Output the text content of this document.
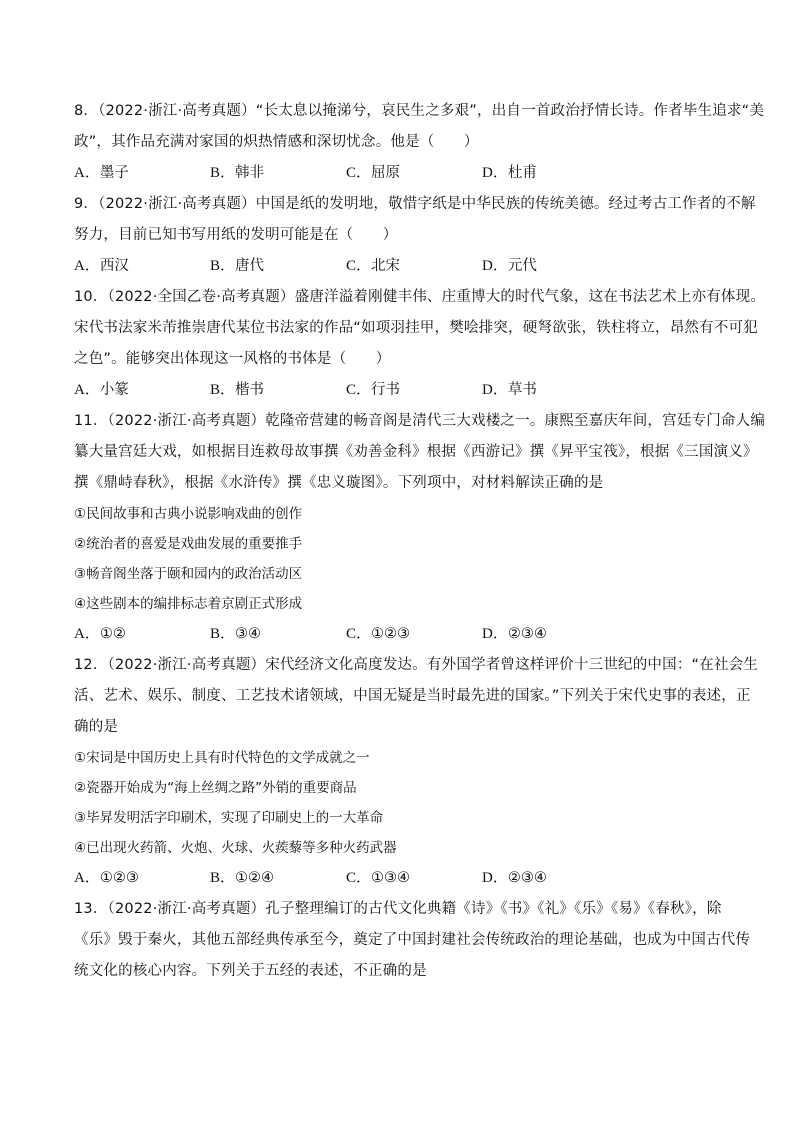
8．（2022·浙江·高考真题）“长太息以掩涕兮，哀民生之多艰”，出自一首政治抒情长诗。作者毕生追求“美
政”，其作品充满对家国的炽热情感和深切忧念。他是（　　）

A．墨子	B．韩非	C．屈原	D．杜甫

9．（2022·浙江·高考真题）中国是纸的发明地，敬惜字纸是中华民族的传统美德。经过考古工作者的不解
努力，目前已知书写用纸的发明可能是在（　　）

A．西汉	B．唐代	C．北宋	D．元代

10．（2022·全国乙卷·高考真题）盛唐洋溢着刚健丰伟、庄重博大的时代气象，这在书法艺术上亦有体现。
宋代书法家米芾推崇唐代某位书法家的作品“如项羽挂甲，樊哙排突，硬弩欲张，铁柱将立，昂然有不可犯
之色”。能够突出体现这一风格的书体是（　　）

A．小篆	B．楷书	C．行书	D．草书

11．（2022·浙江·高考真题）乾隆帝营建的畅音阁是清代三大戏楼之一。康熙至嘉庆年间，宫廷专门命人编
纂大量宫廷大戏，如根据目连救母故事撰《劝善金科》根据《西游记》撰《昇平宝筏》，根据《三国演义》
撰《鼎峙春秋》，根据《水浒传》撰《忠义璇图》。下列项中，对材料解读正确的是

①民间故事和古典小说影响戏曲的创作

②统治者的喜爱是戏曲发展的重要推手

③畅音阁坐落于颐和园内的政治活动区

④这些剧本的编排标志着京剧正式形成

A．①②	B．③④	C．①②③	D．②③④

12．（2022·浙江·高考真题）宋代经济文化高度发达。有外国学者曾这样评价十三世纪的中国：“在社会生
活、艺术、娱乐、制度、工艺技术诸领域，中国无疑是当时最先进的国家。”下列关于宋代史事的表述，正
确的是

①宋词是中国历史上具有时代特色的文学成就之一

②瓷器开始成为“海上丝绸之路”外销的重要商品

③毕昇发明活字印刷术，实现了印刷史上的一大革命

④已出现火药箭、火炮、火球、火蒺藜等多种火药武器

A．①②③	B．①②④	C．①③④	D．②③④

13．（2022·浙江·高考真题）孔子整理编订的古代文化典籍《诗》《书》《礼》《乐》《易》《春秋》，除
《乐》毁于秦火，其他五部经典传承至今，奠定了中国封建社会传统政治的理论基础，也成为中国古代传
统文化的核心内容。下列关于五经的表述，不正确的是
